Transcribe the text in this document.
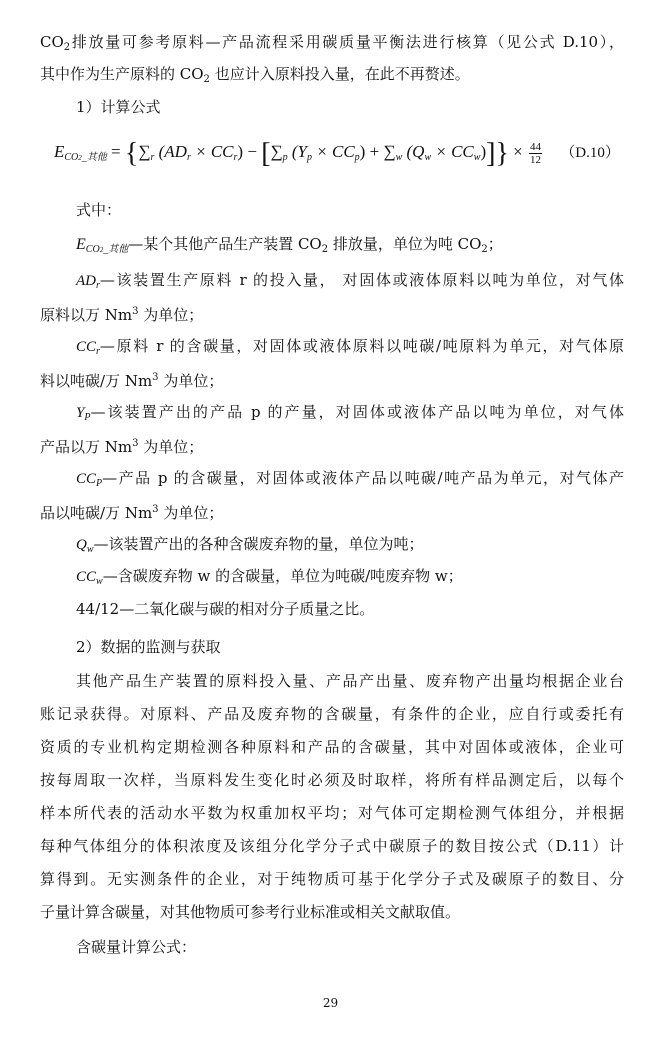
$CO_2$排放量可参考原料—产品流程采用碳质量平衡法进行核算（见公式 D.10），
其中作为生产原料的 $CO_2$ 也应计入原料投入量，在此不再赘述。
1）计算公式
$E_{CO2\_其他} = \{\sum_r$ $(AD_r \times CC_r) - [\sum_p$ $(Y_p \times CC_p) + \sum_w$ $(Q_w \times CC_w)]\} \times \frac{44}{12} (D.10)$
式中：
$E_{CO2\_其他}—$某个其他产品生产装置 $CO_2$ 排放量，单位为吨 $CO_2$；
$AD_r—$该装置生产原料 r 的投入量， 对固体或液体原料以吨为单位，对气体
原料以万 Nm$^3$ 为单位；
$CC_r—$原料 r 的含碳量，对固体或液体原料以吨碳/吨原料为单元，对气体原
料以吨碳/万 Nm$^3$ 为单位；
$Y_P—$该装置产出的产品 p 的产量，对固体或液体产品以吨为单位，对气体
产品以万 Nm$^3$ 为单位；
$CC_P—$产品 p 的含碳量，对固体或液体产品以吨碳/吨产品为单元，对气体产
品以吨碳/万 Nm$^3$ 为单位；
$Q_w—$该装置产出的各种含碳废弃物的量，单位为吨；
$CC_w—$含碳废弃物 w 的含碳量，单位为吨碳/吨废弃物 w；
44/12—二氧化碳与碳的相对分子质量之比。
2）数据的监测与获取
其他产品生产装置的原料投入量、产品产出量、废弃物产出量均根据企业台
账记录获得。对原料、产品及废弃物的含碳量，有条件的企业，应自行或委托有
资质的专业机构定期检测各种原料和产品的含碳量，其中对固体或液体，企业可
按每周取一次样，当原料发生变化时必须及时取样，将所有样品测定后，以每个
样本所代表的活动水平数为权重加权平均；对气体可定期检测气体组分，并根据
每种气体组分的体积浓度及该组分化学分子式中碳原子的数目按公式（D.11）计
算得到。无实测条件的企业，对于纯物质可基于化学分子式及碳原子的数目、分
子量计算含碳量，对其他物质可参考行业标准或相关文献取值。
含碳量计算公式：
29
